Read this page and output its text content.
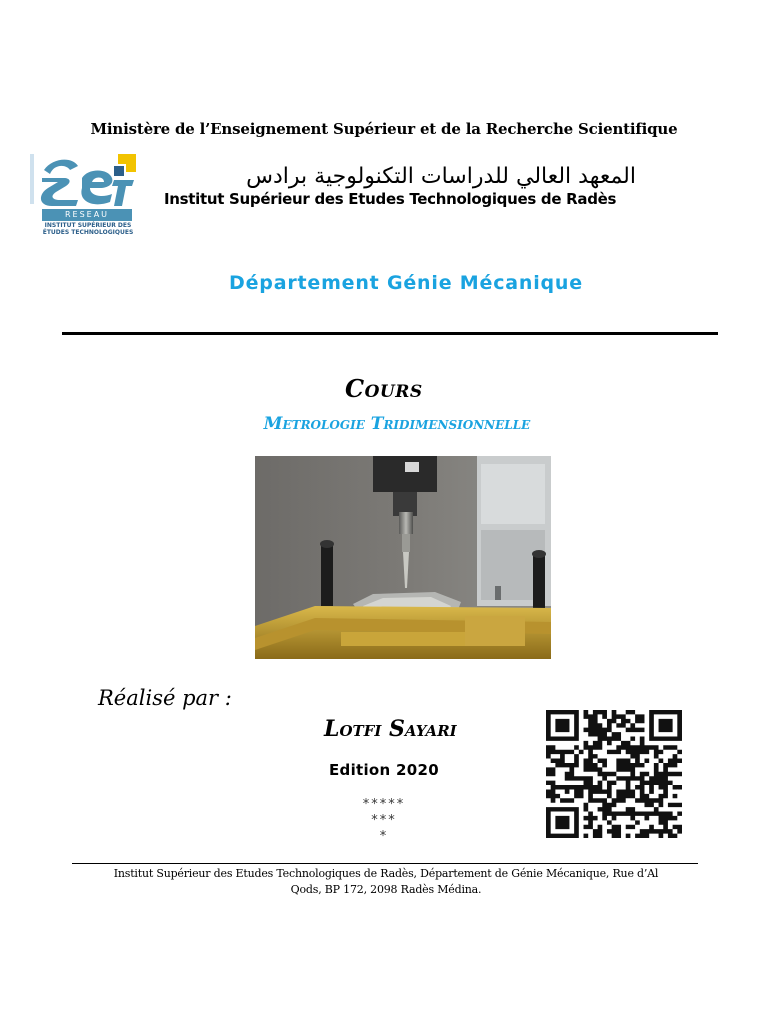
Ministère de l’Enseignement Supérieur et de la Recherche Scientifique
RESEAU
INSTITUT SUPÉRIEUR DES ÉTUDES TECHNOLOGIQUES
المعهد العالي للدراسات التكنولوجية برادس
Institut Supérieur des Etudes Technologiques de Radès
Département Génie Mécanique
Cours
Metrologie Tridimensionnelle
Réalisé par :
Lotfi Sayari
Edition 2020
*****
***
*
Institut Supérieur des Etudes Technologiques de Radès, Département de Génie Mécanique, Rue d’Al
Qods, BP 172, 2098 Radès Médina.
